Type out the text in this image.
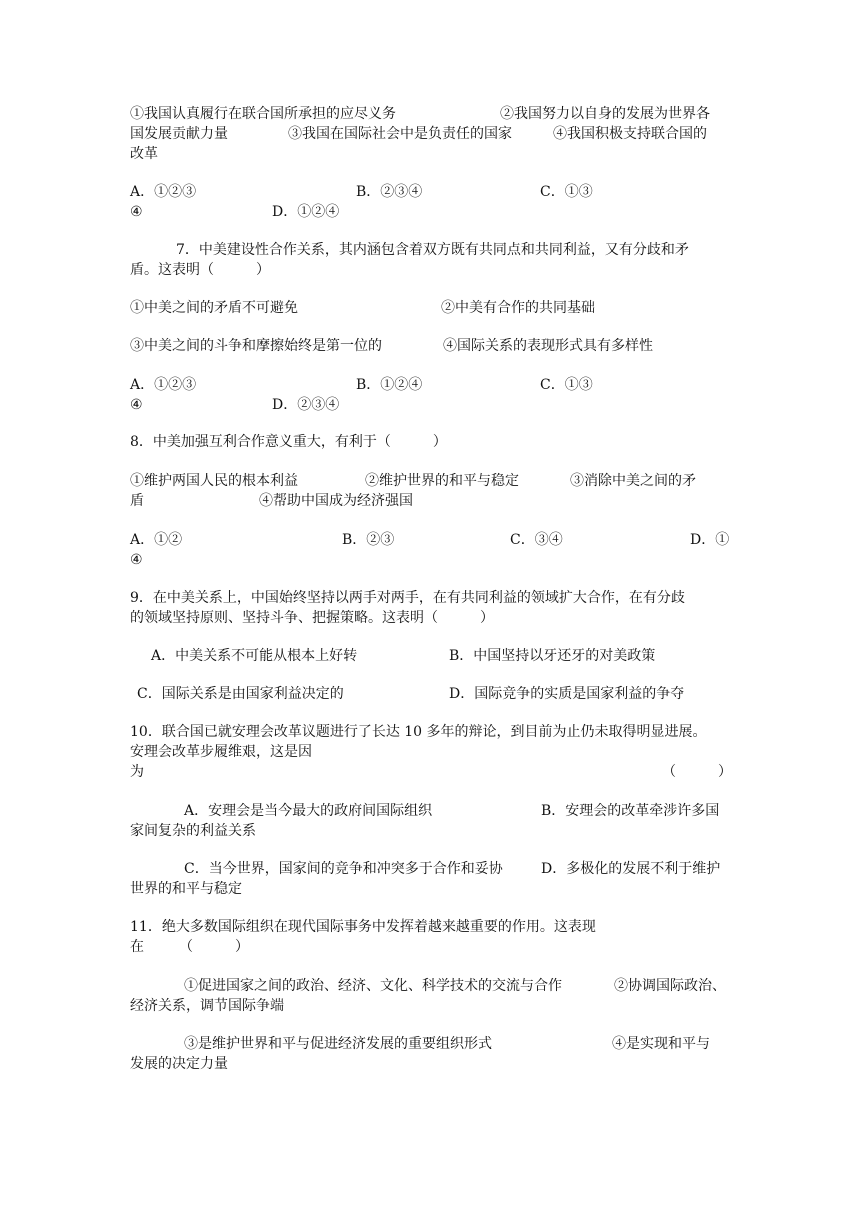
①我国认真履行在联合国所承担的应尽义务	②我国努力以自身的发展为世界各
国发展贡献力量	③我国在国际社会中是负责任的国家	④我国积极支持联合国的
改革
A．①②③	B．②③④	C．①③
④	D．①②④
7．中美建设性合作关系，其内涵包含着双方既有共同点和共同利益，又有分歧和矛
盾。这表明（　　　）
①中美之间的矛盾不可避免	②中美有合作的共同基础
③中美之间的斗争和摩擦始终是第一位的	④国际关系的表现形式具有多样性
A．①②③	B．①②④	C．①③
④	D．②③④
8．中美加强互利合作意义重大，有利于（　　　）
①维护两国人民的根本利益	②维护世界的和平与稳定	③消除中美之间的矛
盾	④帮助中国成为经济强国
A．①②	B．②③	C．③④	D．①
④
9．在中美关系上，中国始终坚持以两手对两手，在有共同利益的领域扩大合作，在有分歧
的领域坚持原则、坚持斗争、把握策略。这表明（　　　）
A．中美关系不可能从根本上好转	B．中国坚持以牙还牙的对美政策
C．国际关系是由国家利益决定的	D．国际竞争的实质是国家利益的争夺
10．联合国已就安理会改革议题进行了长达 10 多年的辩论，到目前为止仍未取得明显进展。
安理会改革步履维艰，这是因
为	（　　　）
A．安理会是当今最大的政府间国际组织	B．安理会的改革牵涉许多国
家间复杂的利益关系
C．当今世界，国家间的竞争和冲突多于合作和妥协	D．多极化的发展不利于维护
世界的和平与稳定
11．绝大多数国际组织在现代国际事务中发挥着越来越重要的作用。这表现
在　　　（　　　）
①促进国家之间的政治、经济、文化、科学技术的交流与合作	②协调国际政治、
经济关系，调节国际争端
③是维护世界和平与促进经济发展的重要组织形式	④是实现和平与
发展的决定力量
